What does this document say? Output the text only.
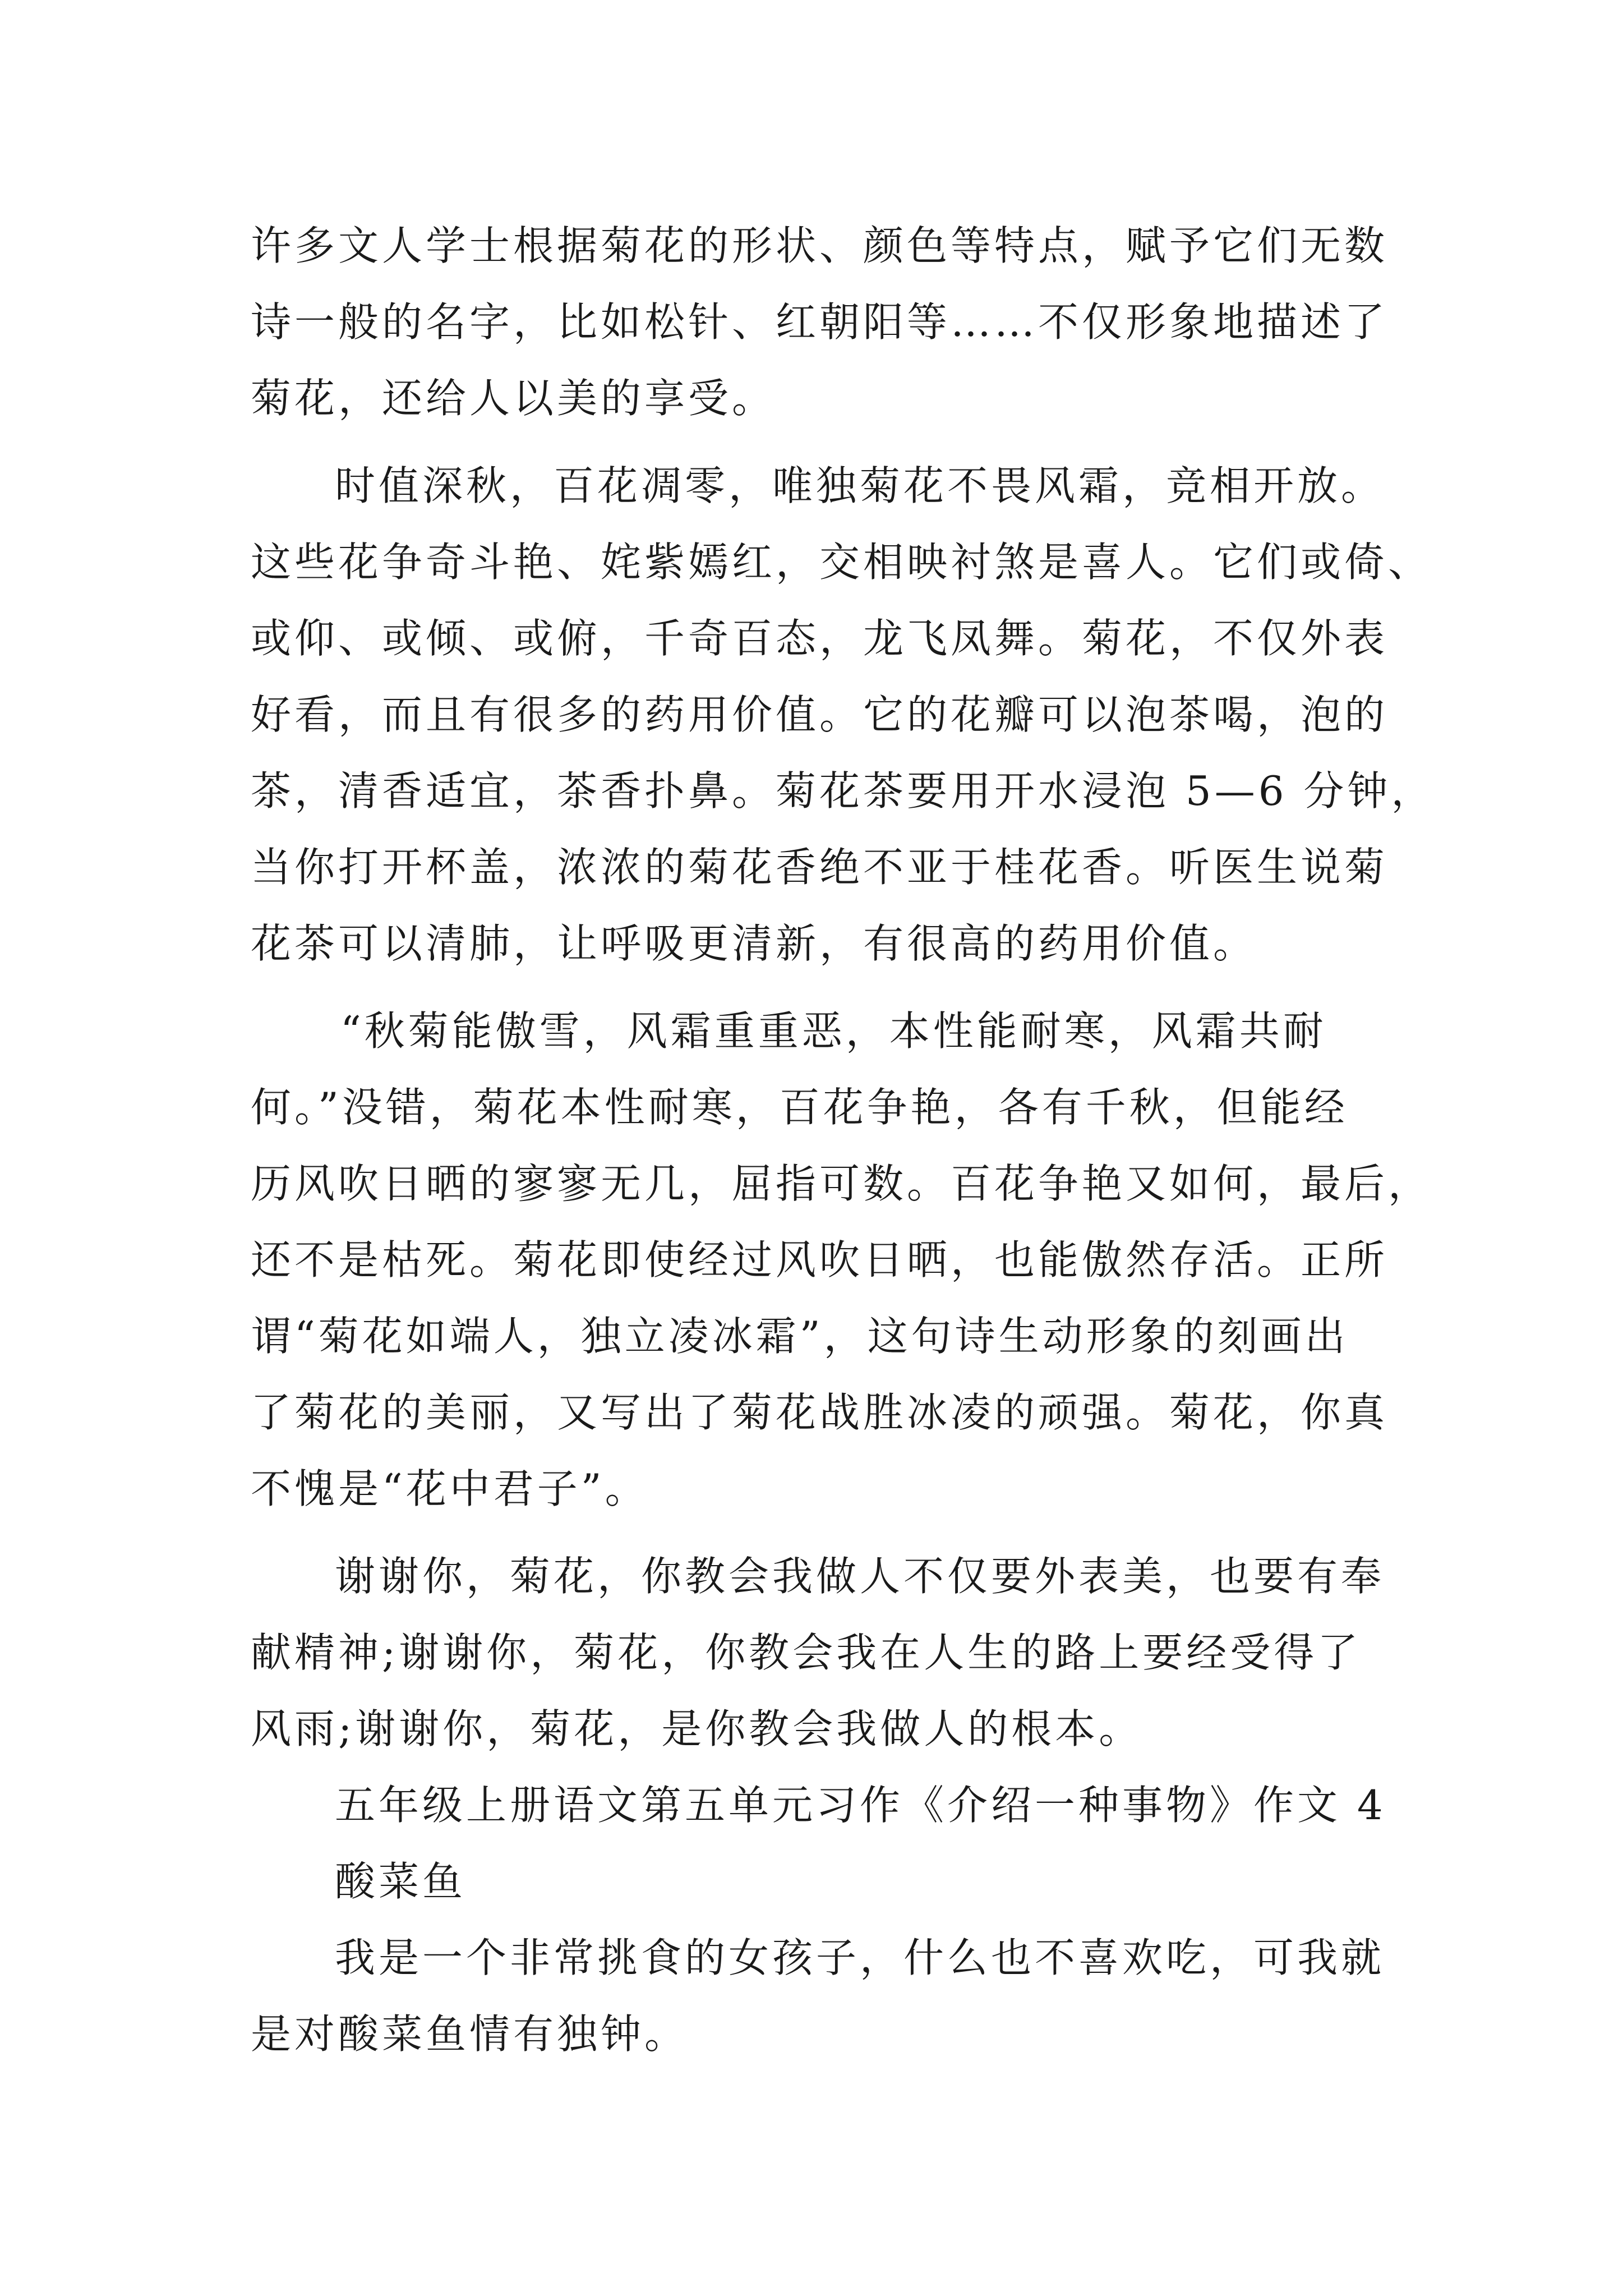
许多文人学士根据菊花的形状、颜色等特点，赋予它们无数
诗一般的名字，比如松针、红朝阳等……不仅形象地描述了
菊花，还给人以美的享受。
时值深秋，百花凋零，唯独菊花不畏风霜，竞相开放。
这些花争奇斗艳、姹紫嫣红，交相映衬煞是喜人。它们或倚、
或仰、或倾、或俯，千奇百态，龙飞凤舞。菊花，不仅外表
好看，而且有很多的药用价值。它的花瓣可以泡茶喝，泡的
茶，清香适宜，茶香扑鼻。菊花茶要用开水浸泡 5—6 分钟，
当你打开杯盖，浓浓的菊花香绝不亚于桂花香。听医生说菊
花茶可以清肺，让呼吸更清新，有很高的药用价值。
“秋菊能傲雪，风霜重重恶，本性能耐寒，风霜共耐
何。”没错，菊花本性耐寒，百花争艳，各有千秋，但能经
历风吹日晒的寥寥无几，屈指可数。百花争艳又如何，最后，
还不是枯死。菊花即使经过风吹日晒，也能傲然存活。正所
谓“菊花如端人，独立凌冰霜”，这句诗生动形象的刻画出
了菊花的美丽，又写出了菊花战胜冰凌的顽强。菊花，你真
不愧是“花中君子”。
谢谢你，菊花，你教会我做人不仅要外表美，也要有奉
献精神;谢谢你，菊花，你教会我在人生的路上要经受得了
风雨;谢谢你，菊花，是你教会我做人的根本。
五年级上册语文第五单元习作《介绍一种事物》作文 4
酸菜鱼
我是一个非常挑食的女孩子，什么也不喜欢吃，可我就
是对酸菜鱼情有独钟。
